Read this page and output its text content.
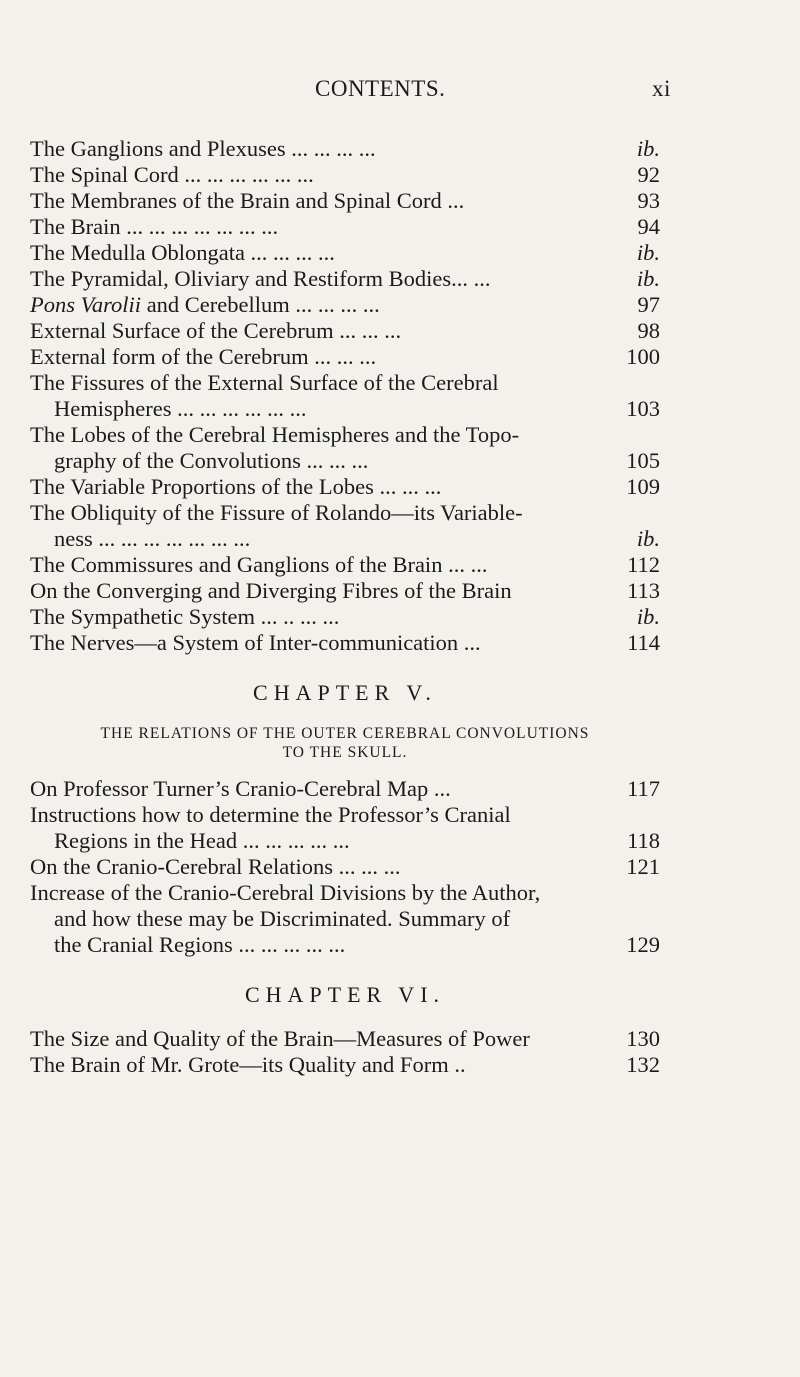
CONTENTS.	xi
The Ganglions and Plexuses ... ... ... ...	ib.
The Spinal Cord ... ... ... ... ... ...	92
The Membranes of the Brain and Spinal Cord ...	93
The Brain ... ... ... ... ... ... ...	94
The Medulla Oblongata ... ... ... ...	ib.
The Pyramidal, Oliviary and Restiform Bodies... ...	ib.
Pons Varolii and Cerebellum ... ... ... ...	97
External Surface of the Cerebrum ... ... ...	98
External form of the Cerebrum ... ... ...	100
The Fissures of the External Surface of the Cerebral
Hemispheres ... ... ... ... ... ...	103
The Lobes of the Cerebral Hemispheres and the Topo-
graphy of the Convolutions ... ... ...	105
The Variable Proportions of the Lobes ... ... ...	109
The Obliquity of the Fissure of Rolando—its Variable-
ness ... ... ... ... ... ... ...	ib.
The Commissures and Ganglions of the Brain ... ...	112
On the Converging and Diverging Fibres of the Brain	113
The Sympathetic System ... .. ... ...	ib.
The Nerves—a System of Inter-communication ...	114
CHAPTER V.
THE RELATIONS OF THE OUTER CEREBRAL CONVOLUTIONS
TO THE SKULL.
On Professor Turner’s Cranio-Cerebral Map ...	117
Instructions how to determine the Professor’s Cranial
Regions in the Head ... ... ... ... ...	118
On the Cranio-Cerebral Relations ... ... ...	121
Increase of the Cranio-Cerebral Divisions by the Author,
and how these may be Discriminated. Summary of
the Cranial Regions ... ... ... ... ...	129
CHAPTER VI.
The Size and Quality of the Brain—Measures of Power	130
The Brain of Mr. Grote—its Quality and Form ..	132
